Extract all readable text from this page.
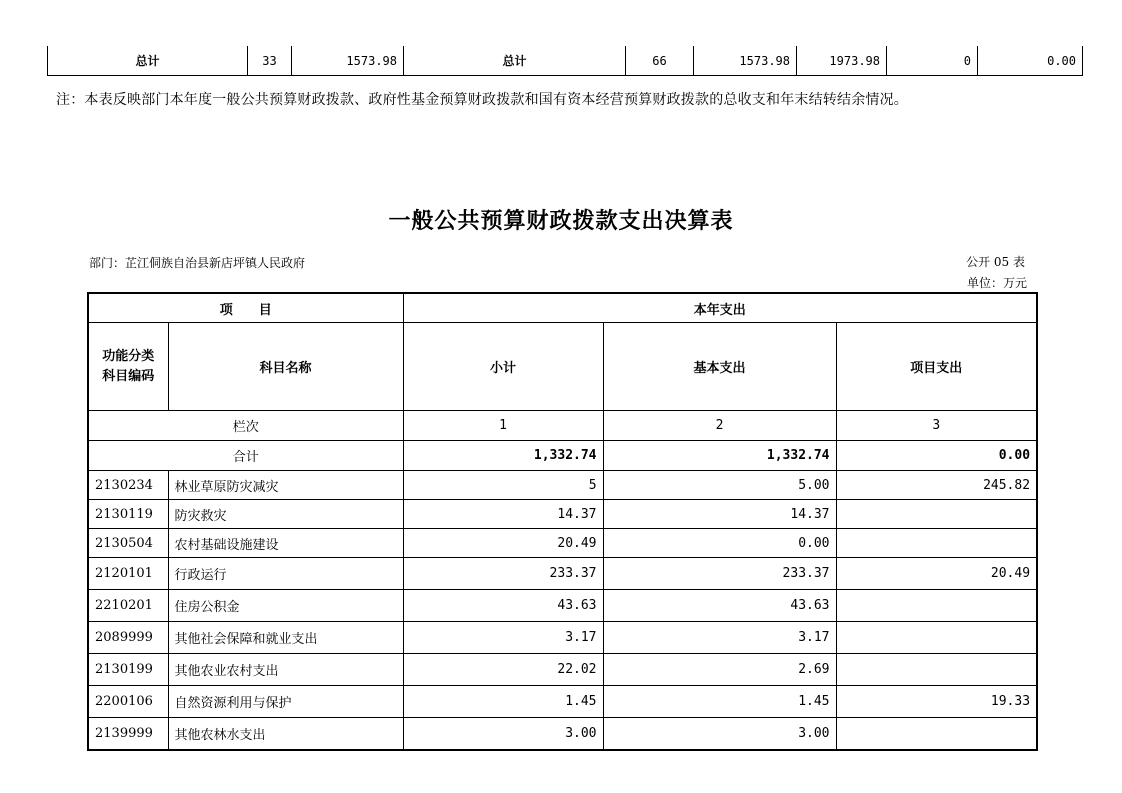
总计	33	1573.98	总计	66	1573.98	1973.98	0	0.00
注：本表反映部门本年度一般公共预算财政拨款、政府性基金预算财政拨款和国有资本经营预算财政拨款的总收支和年末结转结余情况。
一般公共预算财政拨款支出决算表
部门：芷江侗族自治县新店坪镇人民政府	公开 05 表
单位：万元
项　　目		本年支出		

功能分类
科目编码	科目名称	小计	基本支出	项目支出
栏次		1	2	3
合计		1,332.74	1,332.74	0.00
2130234	林业草原防灾减灾	5	5.00	245.82
2130119	防灾救灾	14.37	14.37	
2130504	农村基础设施建设	20.49	0.00	
2120101	行政运行	233.37	233.37	20.49
2210201	住房公积金	43.63	43.63	
2089999	其他社会保障和就业支出	3.17	3.17	
2130199	其他农业农村支出	22.02	2.69	
2200106	自然资源利用与保护	1.45	1.45	19.33
2139999	其他农林水支出	3.00	3.00	
